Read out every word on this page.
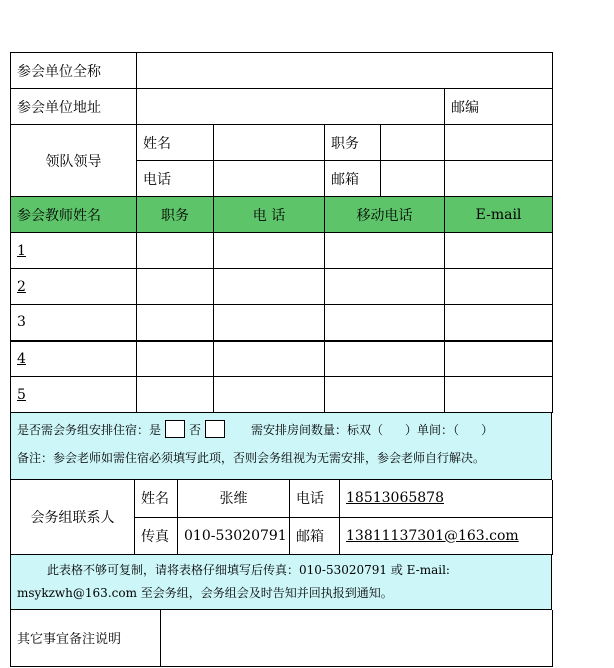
参会单位全称					
参会单位地址					邮编
领队领导	姓名		职务		
	电话		邮箱		
参会教师姓名	职务	电 话	移动电话		E-mail
1					
2					
3					
4					
5					
是否需会务组安排住宿：是 否	需安排房间数量：标双（ ）单间：（ ）
备注：参会老师如需住宿必须填写此项，否则会务组视为无需安排，参会老师自行解决。
会务组联系人	姓名	张维	电话	18513065878
	传真	010-53020791	邮箱	13811137301@163.com
此表格不够可复制，请将表格仔细填写后传真：010-53020791 或 E-mail:
msykzwh@163.com 至会务组，会务组会及时告知并回执报到通知。
其它事宜备注说明	
